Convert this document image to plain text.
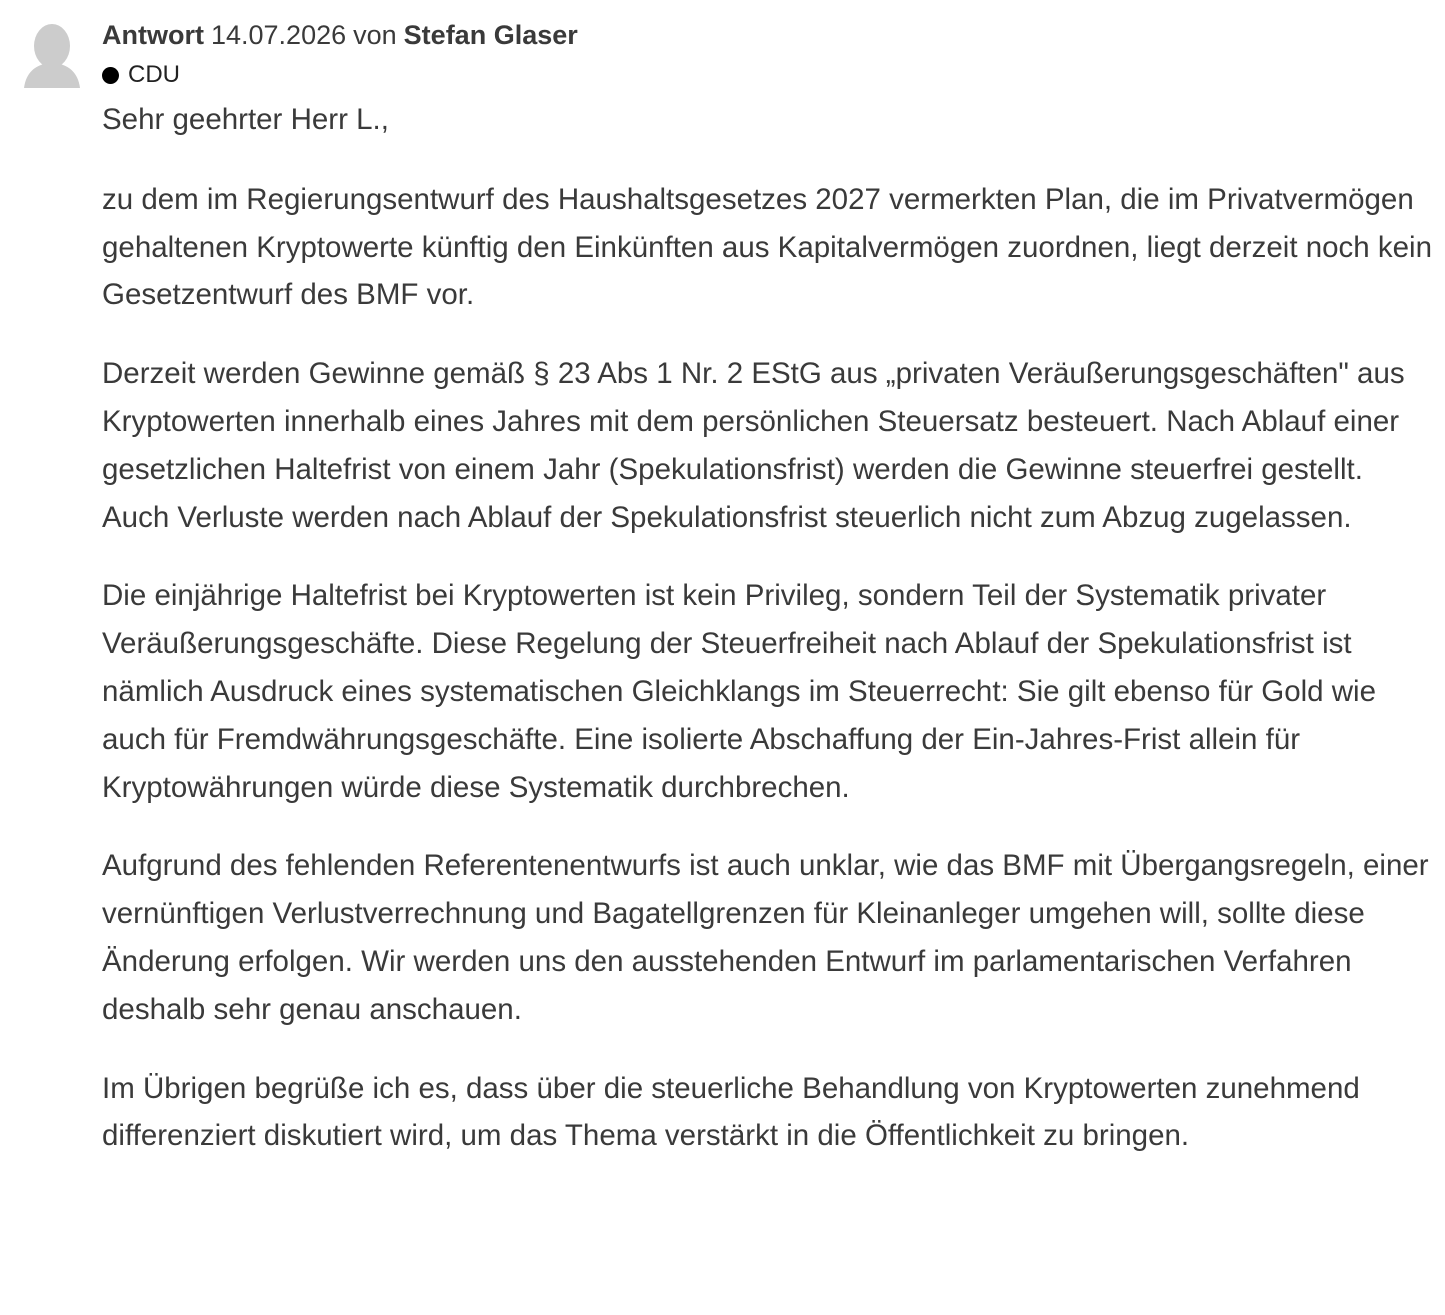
Antwort 14.07.2026 von Stefan Glaser
CDU

Sehr geehrter Herr L.,

zu dem im Regierungsentwurf des Haushaltsgesetzes 2027 vermerkten Plan, die im Privatvermögen gehaltenen Kryptowerte künftig den Einkünften aus Kapitalvermögen zuordnen, liegt derzeit noch kein Gesetzentwurf des BMF vor.

Derzeit werden Gewinne gemäß § 23 Abs 1 Nr. 2 EStG aus „privaten Veräußerungsgeschäften" aus Kryptowerten innerhalb eines Jahres mit dem persönlichen Steuersatz besteuert. Nach Ablauf einer gesetzlichen Haltefrist von einem Jahr (Spekulationsfrist) werden die Gewinne steuerfrei gestellt. Auch Verluste werden nach Ablauf der Spekulationsfrist steuerlich nicht zum Abzug zugelassen.

Die einjährige Haltefrist bei Kryptowerten ist kein Privileg, sondern Teil der Systematik privater Veräußerungsgeschäfte. Diese Regelung der Steuerfreiheit nach Ablauf der Spekulationsfrist ist nämlich Ausdruck eines systematischen Gleichklangs im Steuerrecht: Sie gilt ebenso für Gold wie auch für Fremdwährungsgeschäfte. Eine isolierte Abschaffung der Ein-Jahres-Frist allein für Kryptowährungen würde diese Systematik durchbrechen.

Aufgrund des fehlenden Referentenentwurfs ist auch unklar, wie das BMF mit Übergangsregeln, einer vernünftigen Verlustverrechnung und Bagatellgrenzen für Kleinanleger umgehen will, sollte diese Änderung erfolgen. Wir werden uns den ausstehenden Entwurf im parlamentarischen Verfahren deshalb sehr genau anschauen.

Im Übrigen begrüße ich es, dass über die steuerliche Behandlung von Kryptowerten zunehmend differenziert diskutiert wird, um das Thema verstärkt in die Öffentlichkeit zu bringen.
